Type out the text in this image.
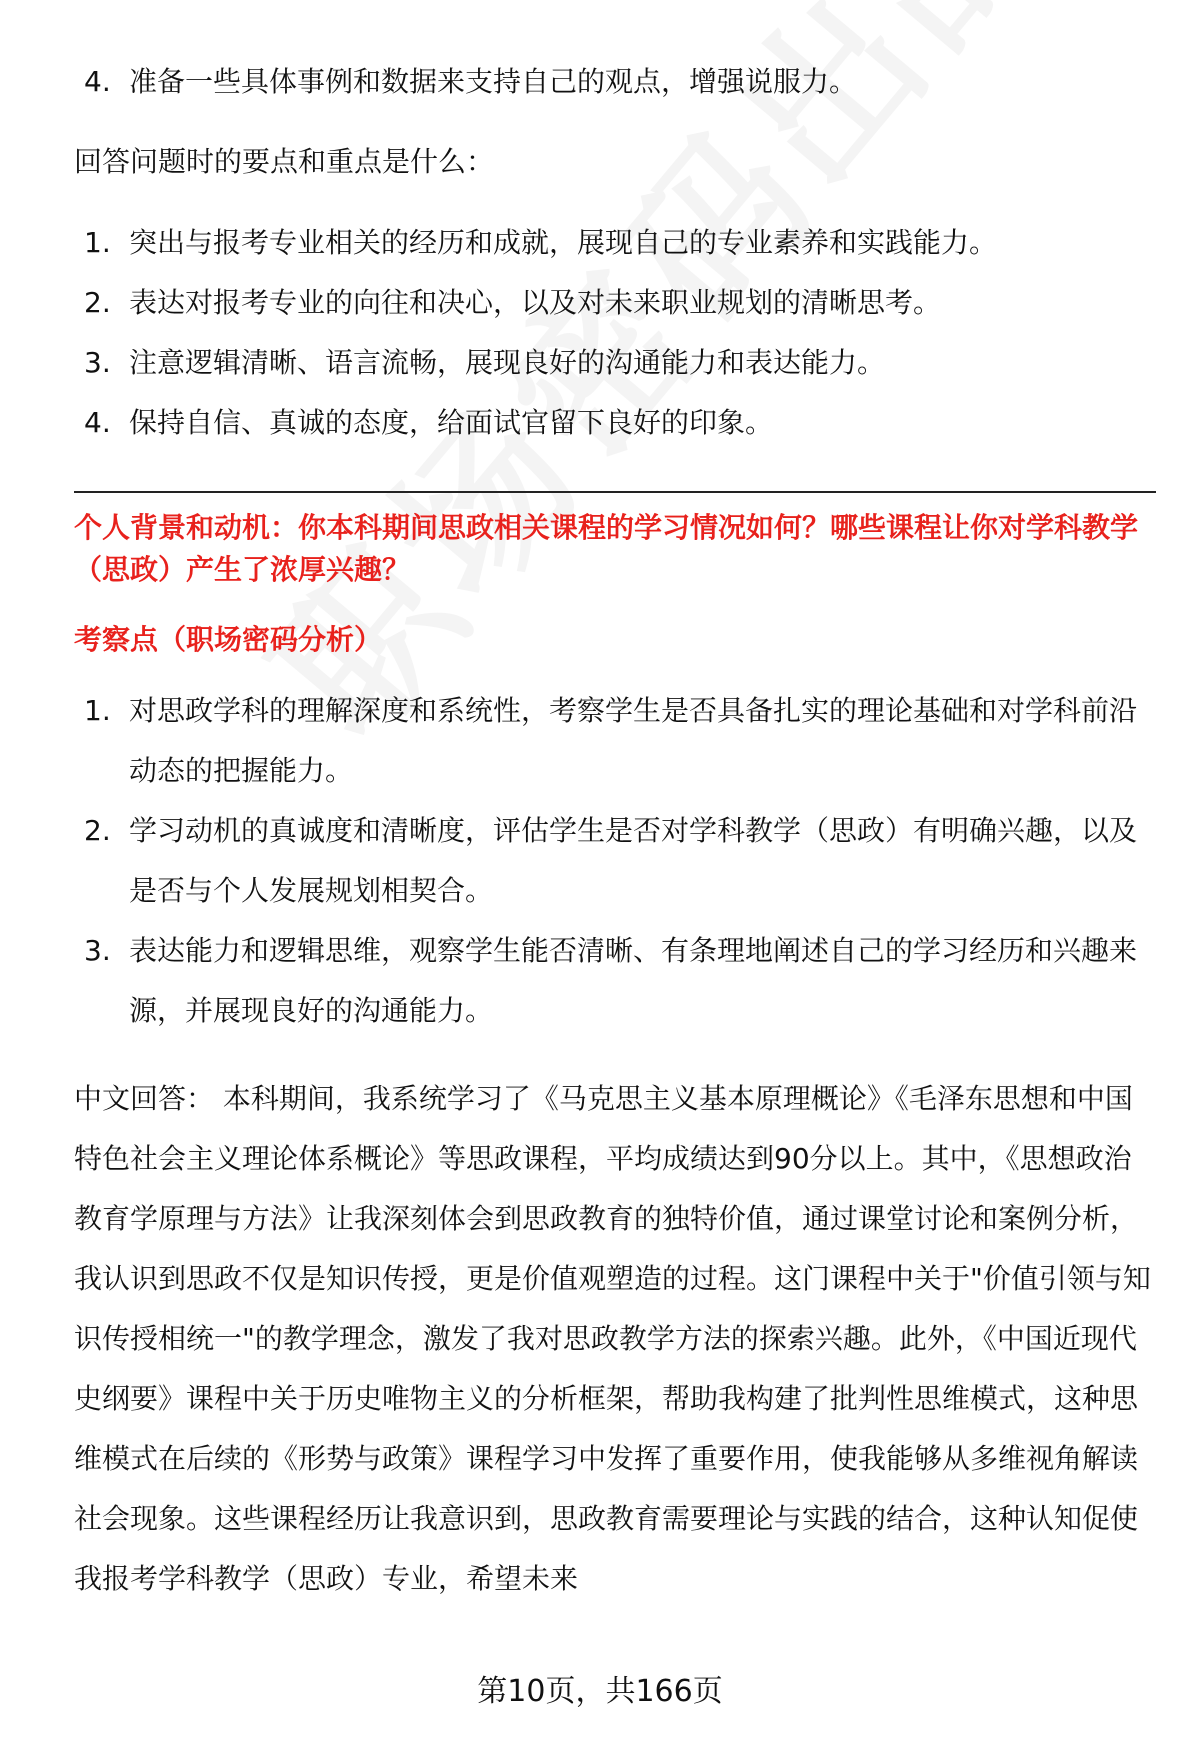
4. 准备一些具体事例和数据来支持自己的观点，增强说服力。

回答问题时的要点和重点是什么：

1. 突出与报考专业相关的经历和成就，展现自己的专业素养和实践能力。
2. 表达对报考专业的向往和决心，以及对未来职业规划的清晰思考。
3. 注意逻辑清晰、语言流畅，展现良好的沟通能力和表达能力。
4. 保持自信、真诚的态度，给面试官留下良好的印象。

个人背景和动机：你本科期间思政相关课程的学习情况如何？哪些课程让你对学科教学（思政）产生了浓厚兴趣？

考察点（职场密码分析）

1. 对思政学科的理解深度和系统性，考察学生是否具备扎实的理论基础和对学科前沿动态的把握能力。
2. 学习动机的真诚度和清晰度，评估学生是否对学科教学（思政）有明确兴趣，以及是否与个人发展规划相契合。
3. 表达能力和逻辑思维，观察学生能否清晰、有条理地阐述自己的学习经历和兴趣来源，并展现良好的沟通能力。

中文回答： 本科期间，我系统学习了《马克思主义基本原理概论》《毛泽东思想和中国特色社会主义理论体系概论》等思政课程，平均成绩达到90分以上。其中，《思想政治教育学原理与方法》让我深刻体会到思政教育的独特价值，通过课堂讨论和案例分析，我认识到思政不仅是知识传授，更是价值观塑造的过程。这门课程中关于"价值引领与知识传授相统一"的教学理念，激发了我对思政教学方法的探索兴趣。此外，《中国近现代史纲要》课程中关于历史唯物主义的分析框架，帮助我构建了批判性思维模式，这种思维模式在后续的《形势与政策》课程学习中发挥了重要作用，使我能够从多维视角解读社会现象。这些课程经历让我意识到，思政教育需要理论与实践的结合，这种认知促使我报考学科教学（思政）专业，希望未来

第10页，共166页
